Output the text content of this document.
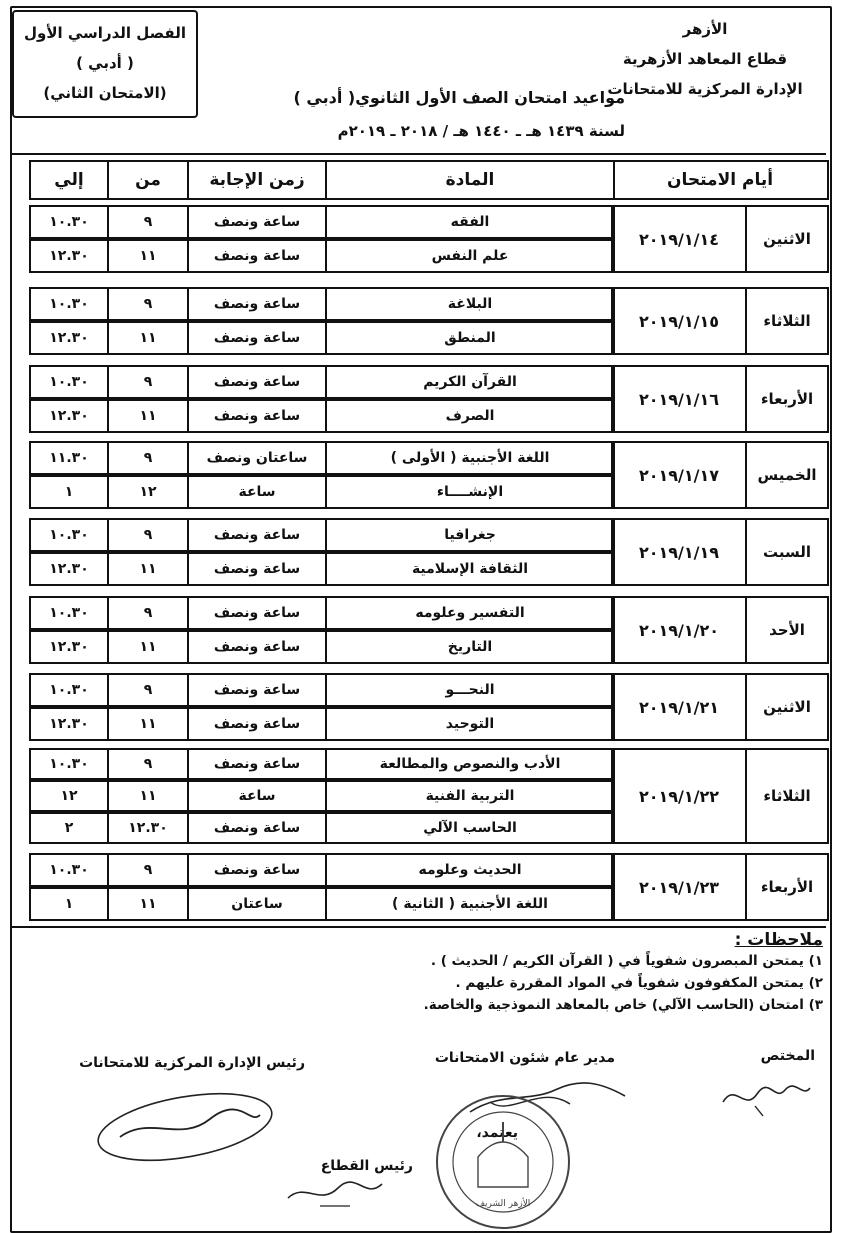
الأزهر
قطاع المعاهد الأزهرية
الإدارة المركزية للامتحانات
الفصل الدراسي الأول
( أدبي )
(الامتحان الثاني)	مواعيد امتحان الصف الأول الثانوي( أدبي )
لسنة ١٤٣٩ هـ ـ ١٤٤٠ هـ / ٢٠١٨ ـ ٢٠١٩م
أيام الامتحان
المادة
زمن الإجابة
من
إلي
الاثنين
٢٠١٩/١/١٤
الفقه
ساعة ونصف
٩
١٠.٣٠
علم النفس
ساعة ونصف
١١
١٢.٣٠
الثلاثاء
٢٠١٩/١/١٥
البلاغة
ساعة ونصف
٩
١٠.٣٠
المنطق
ساعة ونصف
١١
١٢.٣٠
الأربعاء
٢٠١٩/١/١٦
القرآن الكريم
ساعة ونصف
٩
١٠.٣٠
الصرف
ساعة ونصف
١١
١٢.٣٠
الخميس
٢٠١٩/١/١٧
اللغة الأجنبية ( الأولى )
ساعتان ونصف
٩
١١.٣٠
الإنشــــاء
ساعة
١٢
١
السبت
٢٠١٩/١/١٩
جغرافيا
ساعة ونصف
٩
١٠.٣٠
الثقافة الإسلامية
ساعة ونصف
١١
١٢.٣٠
الأحد
٢٠١٩/١/٢٠
التفسير وعلومه
ساعة ونصف
٩
١٠.٣٠
التاريخ
ساعة ونصف
١١
١٢.٣٠
الاثنين
٢٠١٩/١/٢١
النحـــو
ساعة ونصف
٩
١٠.٣٠
التوحيد
ساعة ونصف
١١
١٢.٣٠
الثلاثاء
٢٠١٩/١/٢٢
الأدب والنصوص والمطالعة
ساعة ونصف
٩
١٠.٣٠
التربية الفنية
ساعة
١١
١٢
الحاسب الآلي
ساعة ونصف
١٢.٣٠
٢
الأربعاء
٢٠١٩/١/٢٣
الحديث وعلومه
ساعة ونصف
٩
١٠.٣٠
اللغة الأجنبية ( الثانية )
ساعتان
١١
١
ملاحظات :
١) يمتحن المبصرون شفوياً في ( القرآن الكريم / الحديث ) .
٢) يمتحن المكفوفون شفوياً في المواد المقررة عليهم .
٣) امتحان (الحاسب الآلي) خاص بالمعاهد النموذجية والخاصة.
المختص
مدير عام شئون الامتحانات
رئيس الإدارة المركزية للامتحانات
يعتمد،
رئيس القطاع
الأزهر الشريف
